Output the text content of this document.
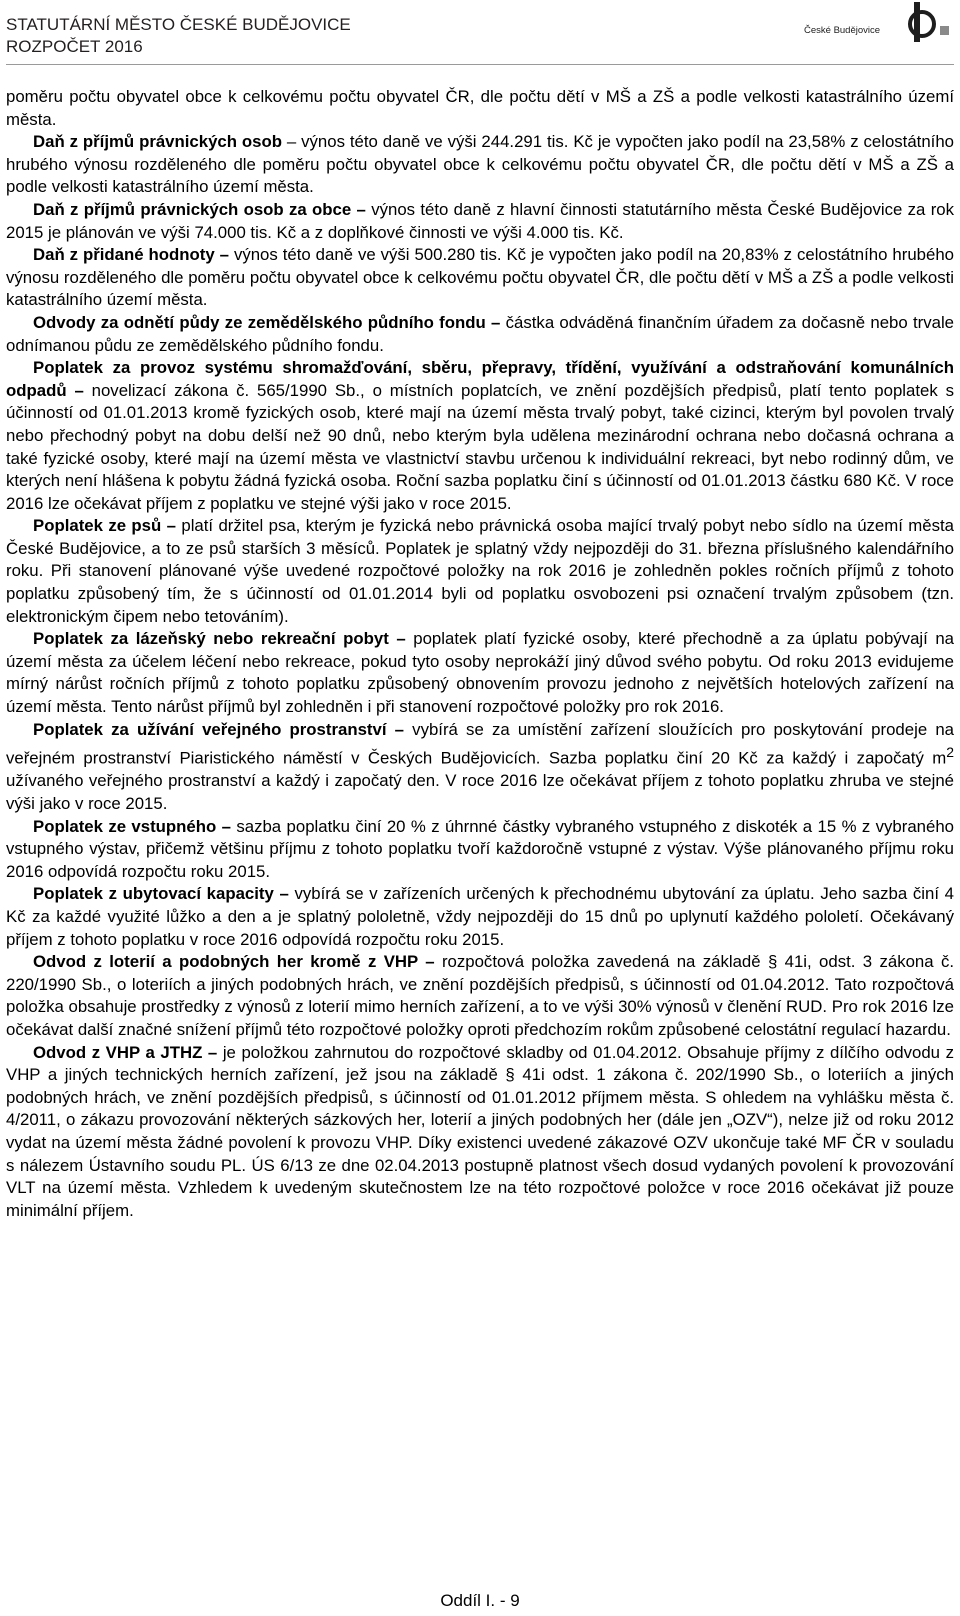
STATUTÁRNÍ MĚSTO ČESKÉ BUDĚJOVICE
ROZPOČET 2016
České Budějovice

poměru počtu obyvatel obce k celkovému počtu obyvatel ČR, dle počtu dětí v MŠ a ZŠ a podle velkosti katastrálního území města.

Daň z příjmů právnických osob – výnos této daně ve výši 244.291 tis. Kč je vypočten jako podíl na 23,58% z celostátního hrubého výnosu rozděleného dle poměru počtu obyvatel obce k celkovému počtu obyvatel ČR, dle počtu dětí v MŠ a ZŠ a podle velkosti katastrálního území města.

Daň z příjmů právnických osob za obce – výnos této daně z hlavní činnosti statutárního města České Budějovice za rok 2015 je plánován ve výši 74.000 tis. Kč a z doplňkové činnosti ve výši 4.000 tis. Kč.

Daň z přidané hodnoty – výnos této daně ve výši 500.280 tis. Kč je vypočten jako podíl na 20,83% z celostátního hrubého výnosu rozděleného dle poměru počtu obyvatel obce k celkovému počtu obyvatel ČR, dle počtu dětí v MŠ a ZŠ a podle velkosti katastrálního území města.

Odvody za odnětí půdy ze zemědělského půdního fondu – částka odváděná finančním úřadem za dočasně nebo trvale odnímanou půdu ze zemědělského půdního fondu.

Poplatek za provoz systému shromažďování, sběru, přepravy, třídění, využívání a odstraňování komunálních odpadů – novelizací zákona č. 565/1990 Sb., o místních poplatcích, ve znění pozdějších předpisů, platí tento poplatek s účinností od 01.01.2013 kromě fyzických osob, které mají na území města trvalý pobyt, také cizinci, kterým byl povolen trvalý nebo přechodný pobyt na dobu delší než 90 dnů, nebo kterým byla udělena mezinárodní ochrana nebo dočasná ochrana a také fyzické osoby, které mají na území města ve vlastnictví stavbu určenou k individuální rekreaci, byt nebo rodinný dům, ve kterých není hlášena k pobytu žádná fyzická osoba. Roční sazba poplatku činí s účinností od 01.01.2013 částku 680 Kč. V roce 2016 lze očekávat příjem z poplatku ve stejné výši jako v roce 2015.

Poplatek ze psů – platí držitel psa, kterým je fyzická nebo právnická osoba mající trvalý pobyt nebo sídlo na území města České Budějovice, a to ze psů starších 3 měsíců. Poplatek je splatný vždy nejpozději do 31. března příslušného kalendářního roku. Při stanovení plánované výše uvedené rozpočtové položky na rok 2016 je zohledněn pokles ročních příjmů z tohoto poplatku způsobený tím, že s účinností od 01.01.2014 byli od poplatku osvobozeni psi označení trvalým způsobem (tzn. elektronickým čipem nebo tetováním).

Poplatek za lázeňský nebo rekreační pobyt – poplatek platí fyzické osoby, které přechodně a za úplatu pobývají na území města za účelem léčení nebo rekreace, pokud tyto osoby neprokáží jiný důvod svého pobytu. Od roku 2013 evidujeme mírný nárůst ročních příjmů z tohoto poplatku způsobený obnovením provozu jednoho z největších hotelových zařízení na území města. Tento nárůst příjmů byl zohledněn i při stanovení rozpočtové položky pro rok 2016.

Poplatek za užívání veřejného prostranství – vybírá se za umístění zařízení sloužících pro poskytování prodeje na veřejném prostranství Piaristického náměstí v Českých Budějovicích. Sazba poplatku činí 20 Kč za každý i započatý $m^2$ užívaného veřejného prostranství a každý i započatý den. V roce 2016 lze očekávat příjem z tohoto poplatku zhruba ve stejné výši jako v roce 2015.

Poplatek ze vstupného – sazba poplatku činí 20 % z úhrnné částky vybraného vstupného z diskoték a 15 % z vybraného vstupného výstav, přičemž většinu příjmu z tohoto poplatku tvoří každoročně vstupné z výstav. Výše plánovaného příjmu roku 2016 odpovídá rozpočtu roku 2015.

Poplatek z ubytovací kapacity – vybírá se v zařízeních určených k přechodnému ubytování za úplatu. Jeho sazba činí 4 Kč za každé využité lůžko a den a je splatný pololetně, vždy nejpozději do 15 dnů po uplynutí každého pololetí. Očekávaný příjem z tohoto poplatku v roce 2016 odpovídá rozpočtu roku 2015.

Odvod z loterií a podobných her kromě z VHP – rozpočtová položka zavedená na základě § 41i, odst. 3 zákona č. 220/1990 Sb., o loteriích a jiných podobných hrách, ve znění pozdějších předpisů, s účinností od 01.04.2012. Tato rozpočtová položka obsahuje prostředky z výnosů z loterií mimo herních zařízení, a to ve výši 30% výnosů v členění RUD. Pro rok 2016 lze očekávat další značné snížení příjmů této rozpočtové položky oproti předchozím rokům způsobené celostátní regulací hazardu.

Odvod z VHP a JTHZ – je položkou zahrnutou do rozpočtové skladby od 01.04.2012. Obsahuje příjmy z dílčího odvodu z VHP a jiných technických herních zařízení, jež jsou na základě § 41i odst. 1 zákona č. 202/1990 Sb., o loteriích a jiných podobných hrách, ve znění pozdějších předpisů, s účinností od 01.01.2012 příjmem města. S ohledem na vyhlášku města č. 4/2011, o zákazu provozování některých sázkových her, loterií a jiných podobných her (dále jen „OZV“), nelze již od roku 2012 vydat na území města žádné povolení k provozu VHP. Díky existenci uvedené zákazové OZV ukončuje také MF ČR v souladu s nálezem Ústavního soudu PL. ÚS 6/13 ze dne 02.04.2013 postupně platnost všech dosud vydaných povolení k provozování VLT na území města. Vzhledem k uvedeným skutečnostem lze na této rozpočtové položce v roce 2016 očekávat již pouze minimální příjem.

Oddíl I. - 9
